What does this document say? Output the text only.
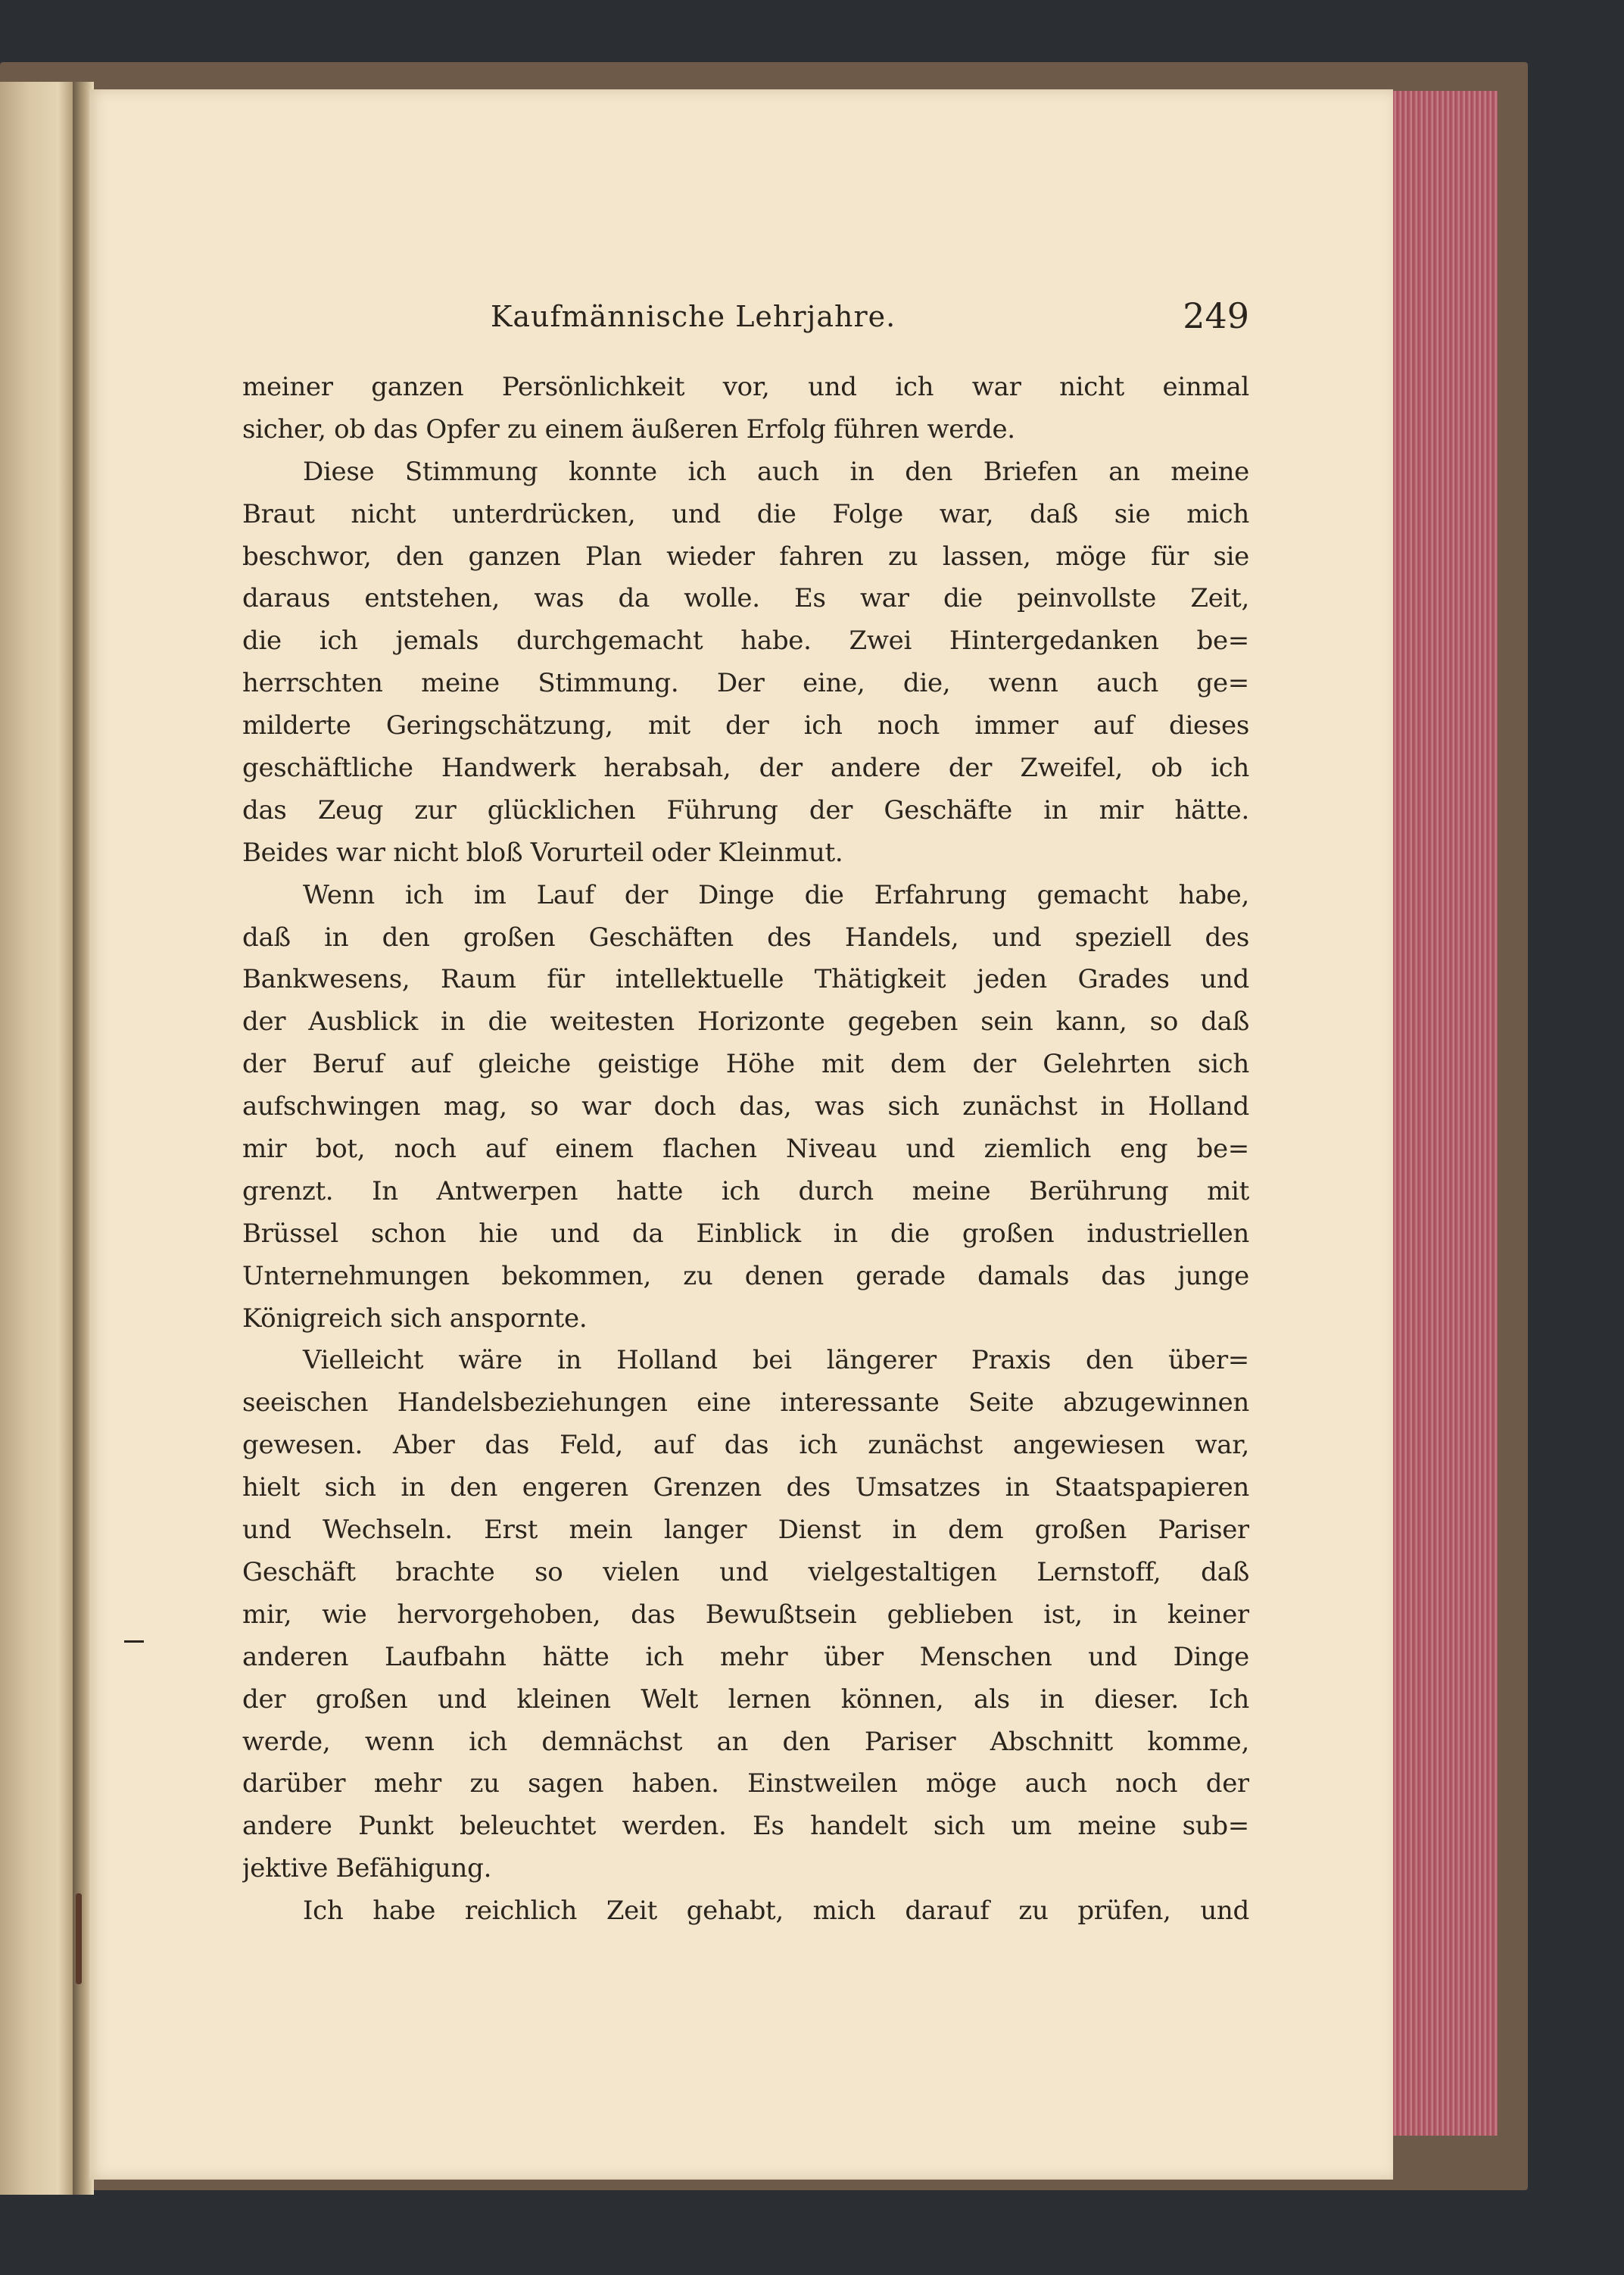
Kaufmännische Lehrjahre.	249
meiner ganzen Persönlichkeit vor, und ich war nicht einmal
sicher, ob das Opfer zu einem äußeren Erfolg führen werde.
Diese Stimmung konnte ich auch in den Briefen an meine
Braut nicht unterdrücken, und die Folge war, daß sie mich
beschwor, den ganzen Plan wieder fahren zu lassen, möge für sie
daraus entstehen, was da wolle. Es war die peinvollste Zeit,
die ich jemals durchgemacht habe. Zwei Hintergedanken be=
herrschten meine Stimmung. Der eine, die, wenn auch ge=
milderte Geringschätzung, mit der ich noch immer auf dieses
geschäftliche Handwerk herabsah, der andere der Zweifel, ob ich
das Zeug zur glücklichen Führung der Geschäfte in mir hätte.
Beides war nicht bloß Vorurteil oder Kleinmut.
Wenn ich im Lauf der Dinge die Erfahrung gemacht habe,
daß in den großen Geschäften des Handels, und speziell des
Bankwesens, Raum für intellektuelle Thätigkeit jeden Grades und
der Ausblick in die weitesten Horizonte gegeben sein kann, so daß
der Beruf auf gleiche geistige Höhe mit dem der Gelehrten sich
aufschwingen mag, so war doch das, was sich zunächst in Holland
mir bot, noch auf einem flachen Niveau und ziemlich eng be=
grenzt. In Antwerpen hatte ich durch meine Berührung mit
Brüssel schon hie und da Einblick in die großen industriellen
Unternehmungen bekommen, zu denen gerade damals das junge
Königreich sich anspornte.
Vielleicht wäre in Holland bei längerer Praxis den über=
seeischen Handelsbeziehungen eine interessante Seite abzugewinnen
gewesen. Aber das Feld, auf das ich zunächst angewiesen war,
hielt sich in den engeren Grenzen des Umsatzes in Staatspapieren
und Wechseln. Erst mein langer Dienst in dem großen Pariser
Geschäft brachte so vielen und vielgestaltigen Lernstoff, daß
mir, wie hervorgehoben, das Bewußtsein geblieben ist, in keiner
anderen Laufbahn hätte ich mehr über Menschen und Dinge
der großen und kleinen Welt lernen können, als in dieser. Ich
werde, wenn ich demnächst an den Pariser Abschnitt komme,
darüber mehr zu sagen haben. Einstweilen möge auch noch der
andere Punkt beleuchtet werden. Es handelt sich um meine sub=
jektive Befähigung.
Ich habe reichlich Zeit gehabt, mich darauf zu prüfen, und
